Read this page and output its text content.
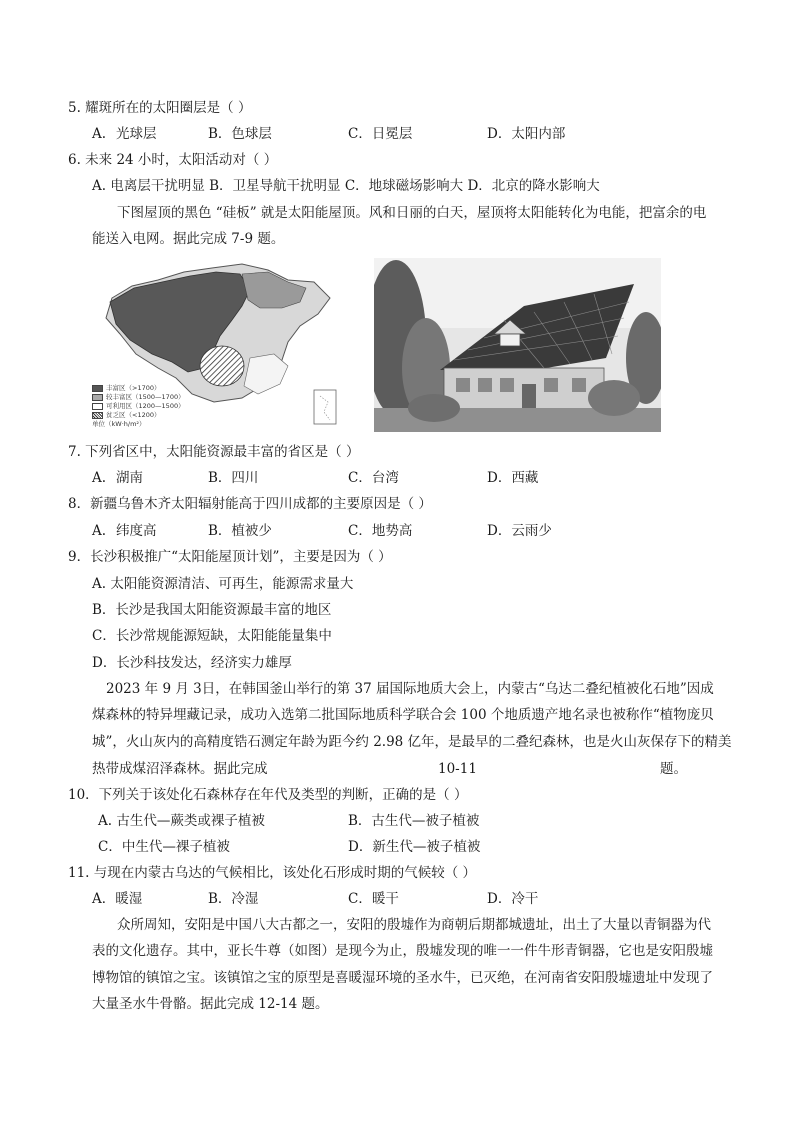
5. 耀斑所在的太阳圈层是（ ）
A. 光球层	B．色球层	C．日冕层	D．太阳内部
6. 未来 24 小时，太阳活动对（ ）
A. 电离层干扰明显 B．卫星导航干扰明显 C．地球磁场影响大 D．北京的降水影响大
下图屋顶的黑色 “硅板” 就是太阳能屋顶。风和日丽的白天，屋顶将太阳能转化为电能，把富余的电
能送入电网。据此完成 7-9 题。
丰富区（>1700）
较丰富区（1500—1700）
可利用区（1200—1500）
贫乏区（<1200）
单位（kW·h/m²）
7. 下列省区中，太阳能资源最丰富的省区是（ ）
A. 湖南	B．四川	C．台湾	D．西藏
8．新疆乌鲁木齐太阳辐射能高于四川成都的主要原因是（ ）
A. 纬度高	B．植被少	C．地势高	D．云雨少
9．长沙积极推广“太阳能屋顶计划”，主要是因为（ ）
A. 太阳能资源清洁、可再生，能源需求量大
B．长沙是我国太阳能资源最丰富的地区
C．长沙常规能源短缺，太阳能能量集中
D．长沙科技发达，经济实力雄厚
2023 年 9 月 3日，在韩国釜山举行的第 37 届国际地质大会上，内蒙古“乌达二叠纪植被化石地”因成
煤森林的特异埋藏记录，成功入选第二批国际地质科学联合会 100 个地质遗产地名录也被称作“植物庞贝
城”，火山灰内的高精度锆石测定年龄为距今约 2.98 亿年，是最早的二叠纪森林，也是火山灰保存下的精美
热带成煤沼泽森林。据此完成	10-11	题。
10．下列关于该处化石森林存在年代及类型的判断，正确的是（ ）
A. 古生代—蕨类或裸子植被	B．古生代—被子植被
C．中生代—裸子植被	D．新生代—被子植被
11. 与现在内蒙古乌达的气候相比，该处化石形成时期的气候较（ ）
A．暖湿	B．冷湿	C．暖干	D．冷干
众所周知，安阳是中国八大古都之一，安阳的殷墟作为商朝后期都城遗址，出土了大量以青铜器为代
表的文化遗存。其中，亚长牛尊（如图）是现今为止，殷墟发现的唯一一件牛形青铜器，它也是安阳殷墟
博物馆的镇馆之宝。该镇馆之宝的原型是喜暖湿环境的圣水牛，已灭绝，在河南省安阳殷墟遗址中发现了
大量圣水牛骨骼。据此完成 12-14 题。
